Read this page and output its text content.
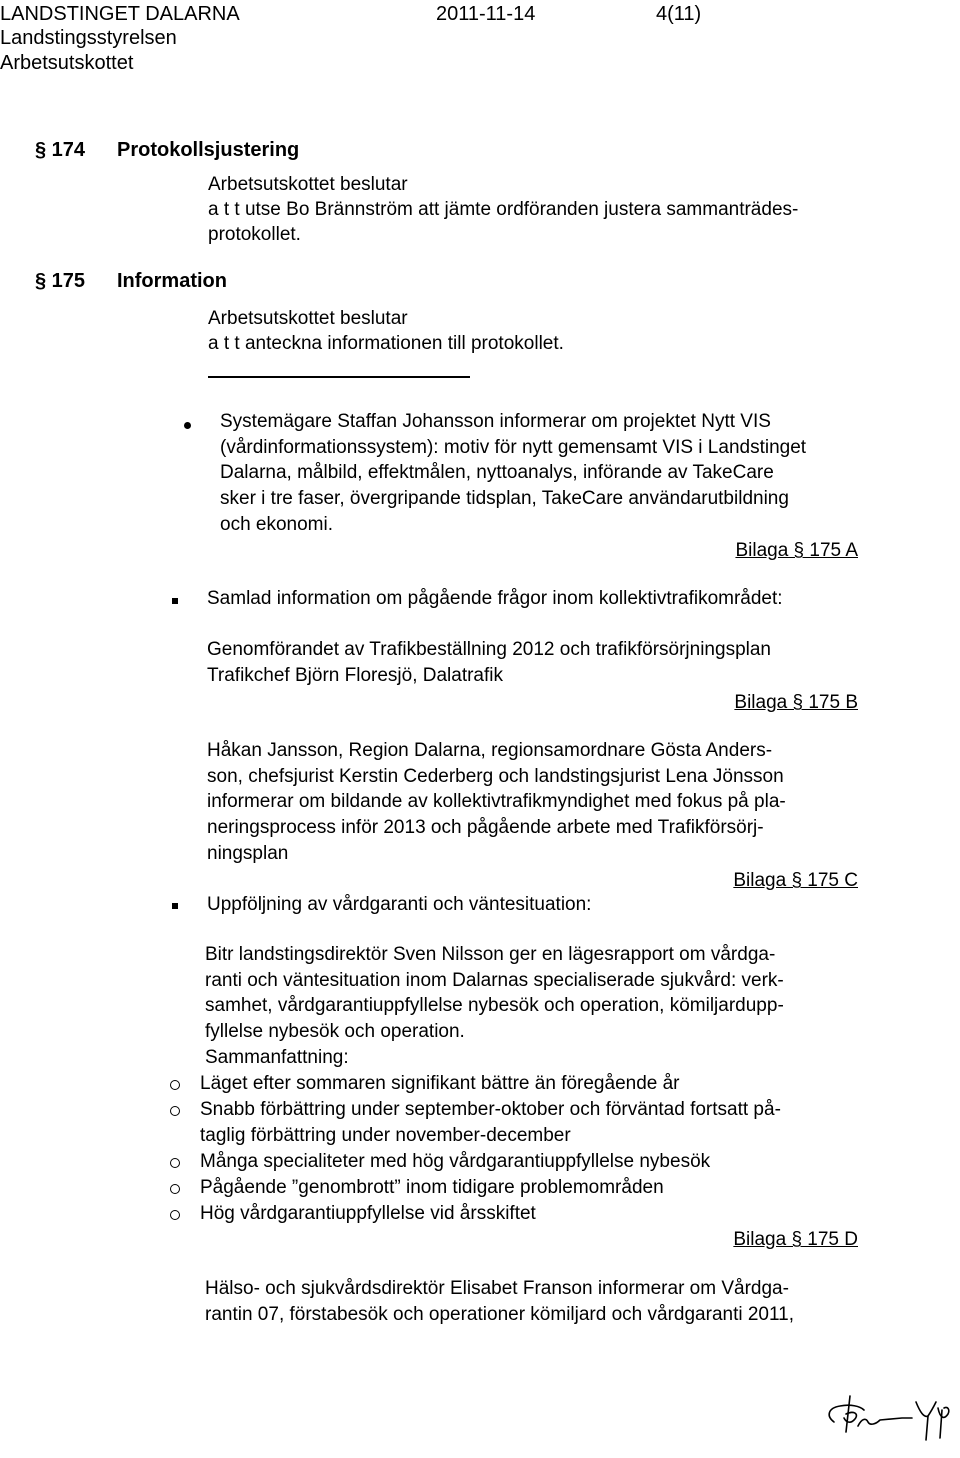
LANDSTINGET DALARNA	2011-11-14	4(11)
Landstingsstyrelsen
Arbetsutskottet
§ 174 Protokollsjustering
Arbetsutskottet beslutar
a t t utse Bo Brännström att jämte ordföranden justera sammanträdes-
protokollet.
§ 175 Information
Arbetsutskottet beslutar
a t t anteckna informationen till protokollet.
Systemägare Staffan Johansson informerar om projektet Nytt VIS
(vårdinformationssystem): motiv för nytt gemensamt VIS i Landstinget
Dalarna, målbild, effektmålen, nyttoanalys, införande av TakeCare
sker i tre faser, övergripande tidsplan, TakeCare användarutbildning
och ekonomi.
Bilaga § 175 A
Samlad information om pågående frågor inom kollektivtrafikområdet:
Genomförandet av Trafikbeställning 2012 och trafikförsörjningsplan
Trafikchef Björn Floresjö, Dalatrafik
Bilaga § 175 B
Håkan Jansson, Region Dalarna, regionsamordnare Gösta Anders-
son, chefsjurist Kerstin Cederberg och landstingsjurist Lena Jönsson
informerar om bildande av kollektivtrafikmyndighet med fokus på pla-
neringsprocess inför 2013 och pågående arbete med Trafikförsörj-
ningsplan
Bilaga § 175 C
Uppföljning av vårdgaranti och väntesituation:
Bitr landstingsdirektör Sven Nilsson ger en lägesrapport om vårdga-
ranti och väntesituation inom Dalarnas specialiserade sjukvård: verk-
samhet, vårdgarantiuppfyllelse nybesök och operation, kömiljardupp-
fyllelse nybesök och operation.
Sammanfattning:
Läget efter sommaren signifikant bättre än föregående år
Snabb förbättring under september-oktober och förväntad fortsatt på-
taglig förbättring under november-december
Många specialiteter med hög vårdgarantiuppfyllelse nybesök
Pågående ”genombrott” inom tidigare problemområden
Hög vårdgarantiuppfyllelse vid årsskiftet
Bilaga § 175 D
Hälso- och sjukvårdsdirektör Elisabet Franson informerar om Vårdga-
rantin 07, förstabesök och operationer kömiljard och vårdgaranti 2011,
